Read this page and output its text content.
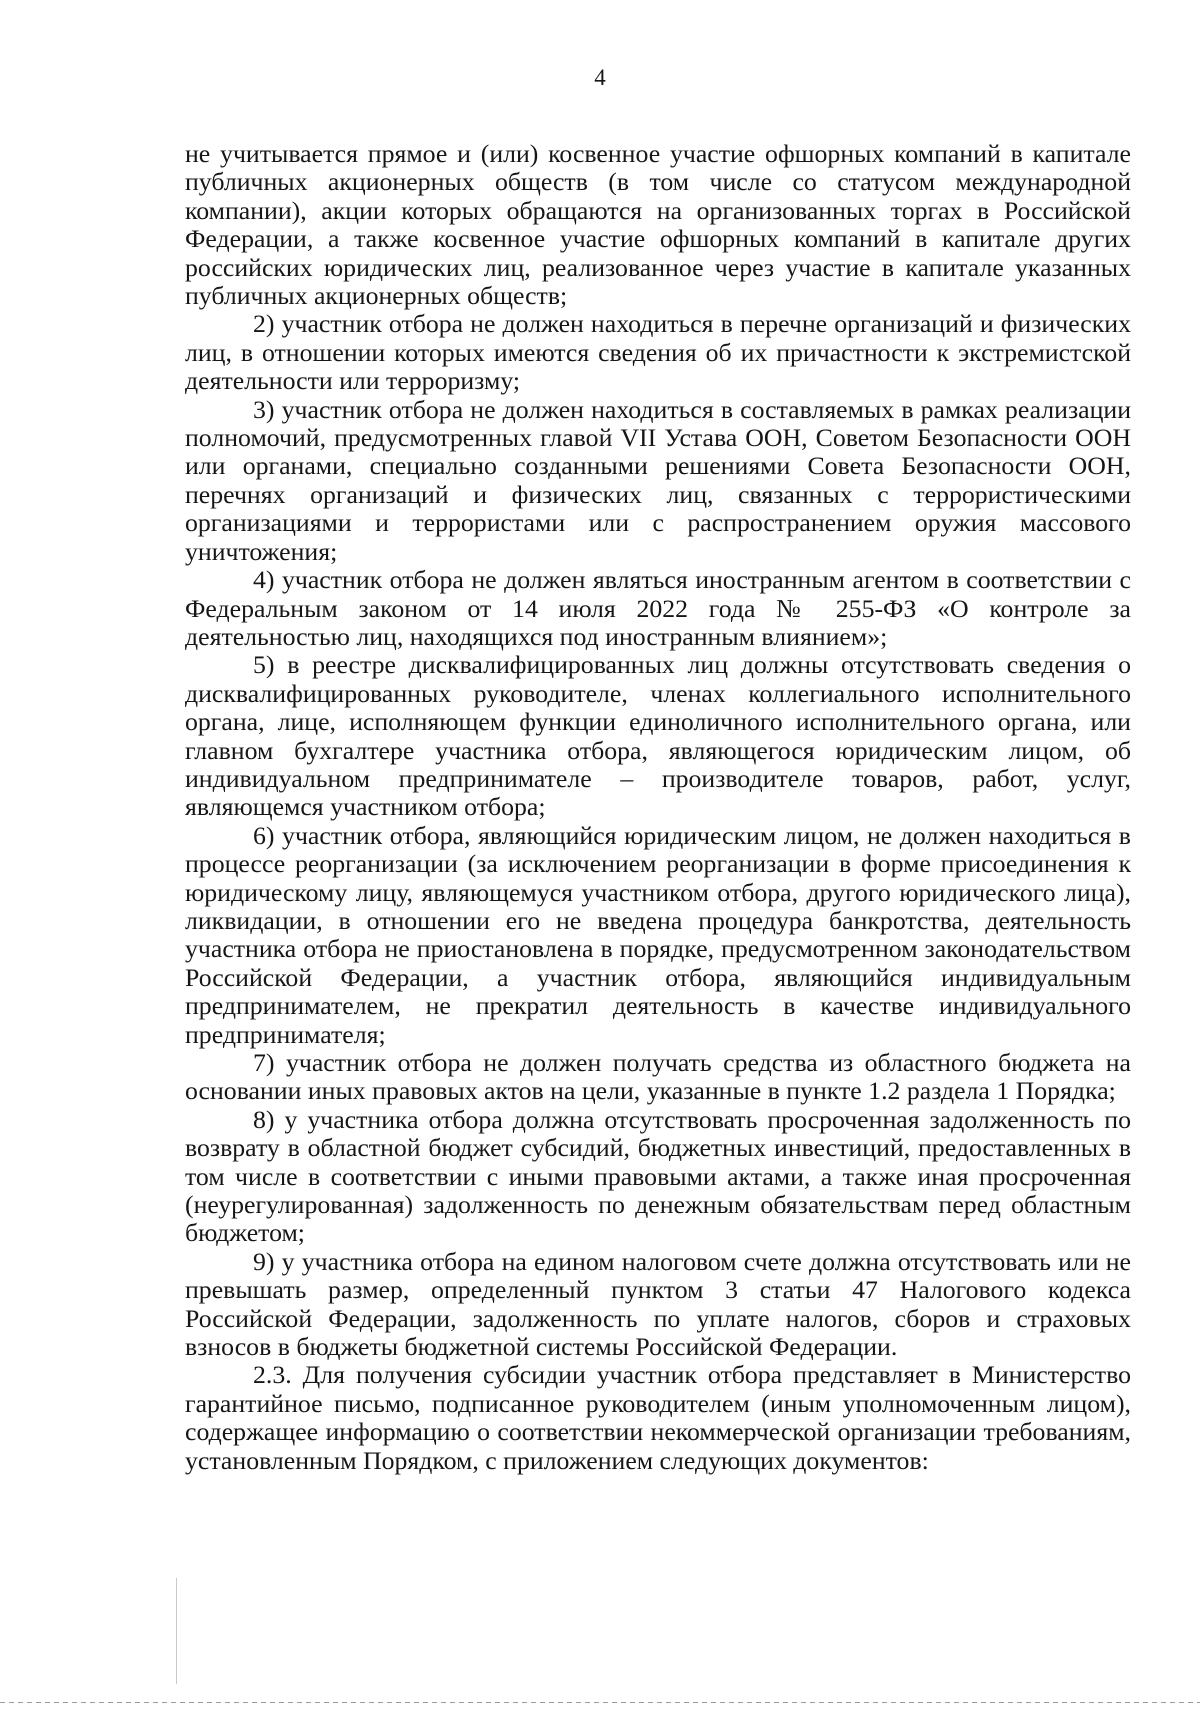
4

не учитывается прямое и (или) косвенное участие офшорных компаний в капитале публичных акционерных обществ (в том числе со статусом международной компании), акции которых обращаются на организованных торгах в Российской Федерации, а также косвенное участие офшорных компаний в капитале других российских юридических лиц, реализованное через участие в капитале указанных публичных акционерных обществ;

2) участник отбора не должен находиться в перечне организаций и физических лиц, в отношении которых имеются сведения об их причастности к экстремистской деятельности или терроризму;

3) участник отбора не должен находиться в составляемых в рамках реализации полномочий, предусмотренных главой VII Устава ООН, Советом Безопасности ООН или органами, специально созданными решениями Совета Безопасности ООН, перечнях организаций и физических лиц, связанных с террористическими организациями и террористами или с распространением оружия массового уничтожения;

4) участник отбора не должен являться иностранным агентом в соответствии с Федеральным законом от 14 июля 2022 года № 255-ФЗ «О контроле за деятельностью лиц, находящихся под иностранным влиянием»;

5) в реестре дисквалифицированных лиц должны отсутствовать сведения о дисквалифицированных руководителе, членах коллегиального исполнительного органа, лице, исполняющем функции единоличного исполнительного органа, или главном бухгалтере участника отбора, являющегося юридическим лицом, об индивидуальном предпринимателе – производителе товаров, работ, услуг, являющемся участником отбора;

6) участник отбора, являющийся юридическим лицом, не должен находиться в процессе реорганизации (за исключением реорганизации в форме присоединения к юридическому лицу, являющемуся участником отбора, другого юридического лица), ликвидации, в отношении его не введена процедура банкротства, деятельность участника отбора не приостановлена в порядке, предусмотренном законодательством Российской Федерации, а участник отбора, являющийся индивидуальным предпринимателем, не прекратил деятельность в качестве индивидуального предпринимателя;

7) участник отбора не должен получать средства из областного бюджета на основании иных правовых актов на цели, указанные в пункте 1.2 раздела 1 Порядка;

8) у участника отбора должна отсутствовать просроченная задолженность по возврату в областной бюджет субсидий, бюджетных инвестиций, предоставленных в том числе в соответствии с иными правовыми актами, а также иная просроченная (неурегулированная) задолженность по денежным обязательствам перед областным бюджетом;

9) у участника отбора на едином налоговом счете должна отсутствовать или не превышать размер, определенный пунктом 3 статьи 47 Налогового кодекса Российской Федерации, задолженность по уплате налогов, сборов и страховых взносов в бюджеты бюджетной системы Российской Федерации.

2.3. Для получения субсидии участник отбора представляет в Министерство гарантийное письмо, подписанное руководителем (иным уполномоченным лицом), содержащее информацию о соответствии некоммерческой организации требованиям, установленным Порядком, с приложением следующих документов:
